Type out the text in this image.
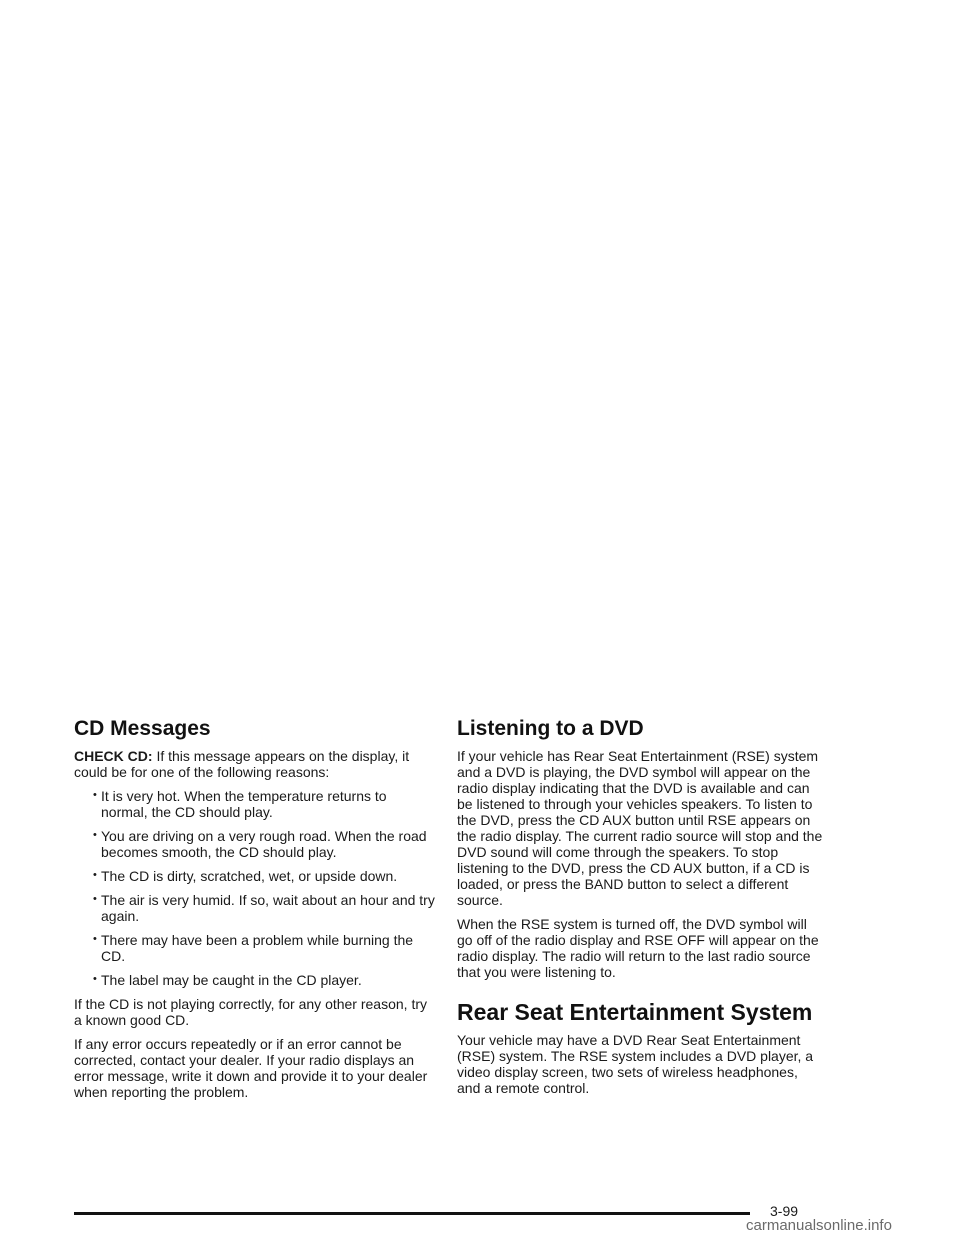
CD Messages

CHECK CD: If this message appears on the display, it could be for one of the following reasons:

• It is very hot. When the temperature returns to normal, the CD should play.
• You are driving on a very rough road. When the road becomes smooth, the CD should play.
• The CD is dirty, scratched, wet, or upside down.
• The air is very humid. If so, wait about an hour and try again.
• There may have been a problem while burning the CD.
• The label may be caught in the CD player.

If the CD is not playing correctly, for any other reason, try a known good CD.

If any error occurs repeatedly or if an error cannot be corrected, contact your dealer. If your radio displays an error message, write it down and provide it to your dealer when reporting the problem.

Listening to a DVD

If your vehicle has Rear Seat Entertainment (RSE) system and a DVD is playing, the DVD symbol will appear on the radio display indicating that the DVD is available and can be listened to through your vehicles speakers. To listen to the DVD, press the CD AUX button until RSE appears on the radio display. The current radio source will stop and the DVD sound will come through the speakers. To stop listening to the DVD, press the CD AUX button, if a CD is loaded, or press the BAND button to select a different source.

When the RSE system is turned off, the DVD symbol will go off of the radio display and RSE OFF will appear on the radio display. The radio will return to the last radio source that you were listening to.

Rear Seat Entertainment System

Your vehicle may have a DVD Rear Seat Entertainment (RSE) system. The RSE system includes a DVD player, a video display screen, two sets of wireless headphones, and a remote control.

3-99
carmanualsonline.info
